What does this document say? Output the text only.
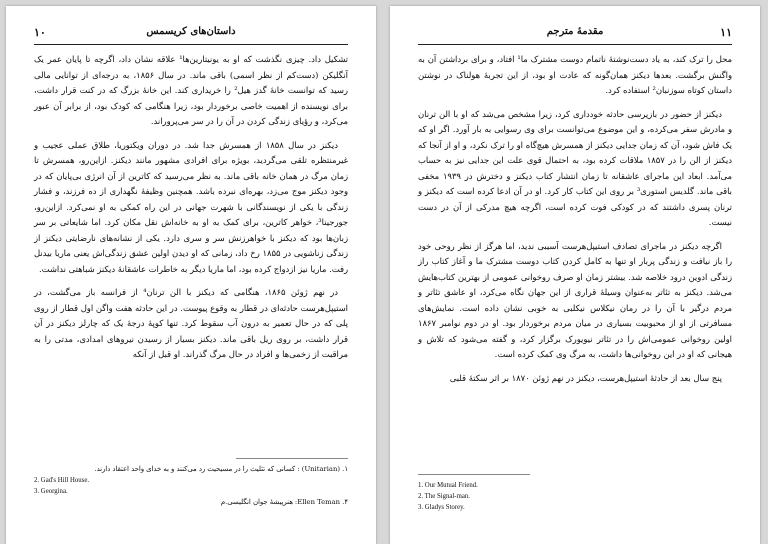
۱۰	داستان‌های کریسمس

تشکیل داد. چیزی نگذشت که او به یونیتارین‌ها¹ علاقه نشان داد، اگرچه تا پایان عمر یک آنگلیکن (دست‌کم از نظر اسمی) باقی ماند. در سال ۱۸۵۶، به درجه‌ای از توانایی مالی رسید که توانست خانهٔ گدز هیل² را خریداری کند. این خانهٔ بزرگ که در کنت قرار داشت، برای نویسنده از اهمیت خاصی برخوردار بود، زیرا هنگامی که کودک بود، از برابر آن عبور می‌کرد، و رؤیای زندگی کردن در آن را در سر می‌پروراند.

دیکنز در سال ۱۸۵۸ از همسرش جدا شد. در دوران ویکتوریا، طلاق عملی عجیب و غیرمنتظره تلقی می‌گردید، بویژه برای افرادی مشهور مانند دیکنز. ازاین‌رو، همسرش تا زمان مرگ در همان خانه باقی ماند. به نظر می‌رسید که کاترین از آن انرژی بی‌پایان که در وجود دیکنز موج می‌زد، بهره‌ای نبرده باشد. همچنین وظیفهٔ نگهداری از ده فرزند، و فشار زندگی با یکی از نویسندگانی با شهرت جهانی در این راه کمکی به او نمی‌کرد. ازاین‌رو، جورجینا³، خواهر کاترین، برای کمک به او به خانه‌اش نقل مکان کرد. اما شایعاتی بر سر زبان‌ها بود که دیکنز با خواهرزنش سر و سری دارد. یکی از نشانه‌های نارضایتی دیکنز از زندگی زناشویی در ۱۸۵۵ رخ داد، زمانی که او دیدن اولین عشق زندگی‌اش یعنی ماریا بیدنل رفت. ماریا نیز ازدواج کرده بود، اما ماریا دیگر به خاطرات عاشقانهٔ دیکنز شباهتی نداشت.

در نهم ژوئن ۱۸۶۵، هنگامی که دیکنز با الن ترنان⁴ از فرانسه باز می‌گشت، در استیپل‌هرست حادثه‌ای در قطار به وقوع پیوست. در این حادثه هفت واگن اول قطار از روی پلی که در حال تعمیر به درون آب سقوط کرد. تنها کوپهٔ درجهٔ یک که چارلز دیکنز در آن قرار داشت، بر روی ریل باقی ماند. دیکنز بسیار از رسیدن نیروهای امدادی، مدتی را به مراقبت از زخمی‌ها و افراد در حال مرگ گذراند. او قبل از آنکه

۱. (Unitarian) : کسانی که تثلیث را در مسیحیت رد می‌کنند و به خدای واحد اعتقاد دارند.
2. Gad's Hill House.
3. Georgina.
۴. Ellen Teman: هنرپیشهٔ جوان انگلیسی.م
۱۱
مقدمهٔ مترجم

محل را ترک کند، به یاد دست‌نوشتهٔ ناتمام دوست مشترک ما¹ افتاد، و برای برداشتن آن به واگنش برگشت. بعدها دیکنز همان‌گونه که عادت او بود، از این تجربهٔ هولناک در نوشتن داستان کوتاه سوزنبان² استفاده کرد.

دیکنز از حضور در بازپرسی حادثه خودداری کرد، زیرا مشخص می‌شد که او با الن ترنان و مادرش سفر می‌کرده، و این موضوع می‌توانست برای وی رسوایی به بار آورد. اگر او که یک فاش شود، آن که زمان جدایی دیکنز از همسرش هیچ‌گاه او را ترک نکرد، و او از آنجا که دیکنز از الن را در ۱۸۵۷ ملاقات کرده بود، به احتمال قوی علت این جدایی نیز به حساب می‌آمد. ابعاد این ماجرای عاشقانه تا زمان انتشار کتاب دیکنز و دخترش در ۱۹۳۹ مخفی باقی ماند. گلدیس استوری³ بر روی این کتاب کار کرد. او در آن ادعا کرده است که دیکنز و ترنان پسری داشتند که در کودکی فوت کرده است، اگرچه هیچ مدرکی از آن در دست نیست.

اگرچه دیکنز در ماجرای تصادف استیپل‌هرست آسیبی ندید، اما هرگز از نظر روحی خود را باز نیافت و زندگی پربار او تنها به کامل کردن کتاب دوست مشترک ما و آغاز کتاب راز زندگی ادوین درود خلاصه شد. بیشتر زمان او صرف روخوانی عمومی از بهترین کتاب‌هایش می‌شد. دیکنز به تئاتر به‌عنوان وسیلهٔ قراری از این جهان نگاه می‌کرد، او عاشق تئاتر و مردم درگیر با آن را در رمان نیکلاس نیکلبی به خوبی نشان داده است. نمایش‌های مسافرتی از او از محبوبیت بسیاری در میان مردم برخوردار بود. او در دوم نوامبر ۱۸۶۷ اولین روخوانی عمومی‌اش را در تئاتر نیویورک برگزار کرد، و گفته می‌شود که تلاش و هیجانی که او در این روخوانی‌ها داشت، به مرگ وی کمک کرده است.

پنج سال بعد از حادثهٔ استیپل‌هرست، دیکنز در نهم ژوئن ۱۸۷۰ بر اثر سکتهٔ قلبی

1. Our Mutual Friend.
2. The Signal-man.
3. Gladys Storey.
